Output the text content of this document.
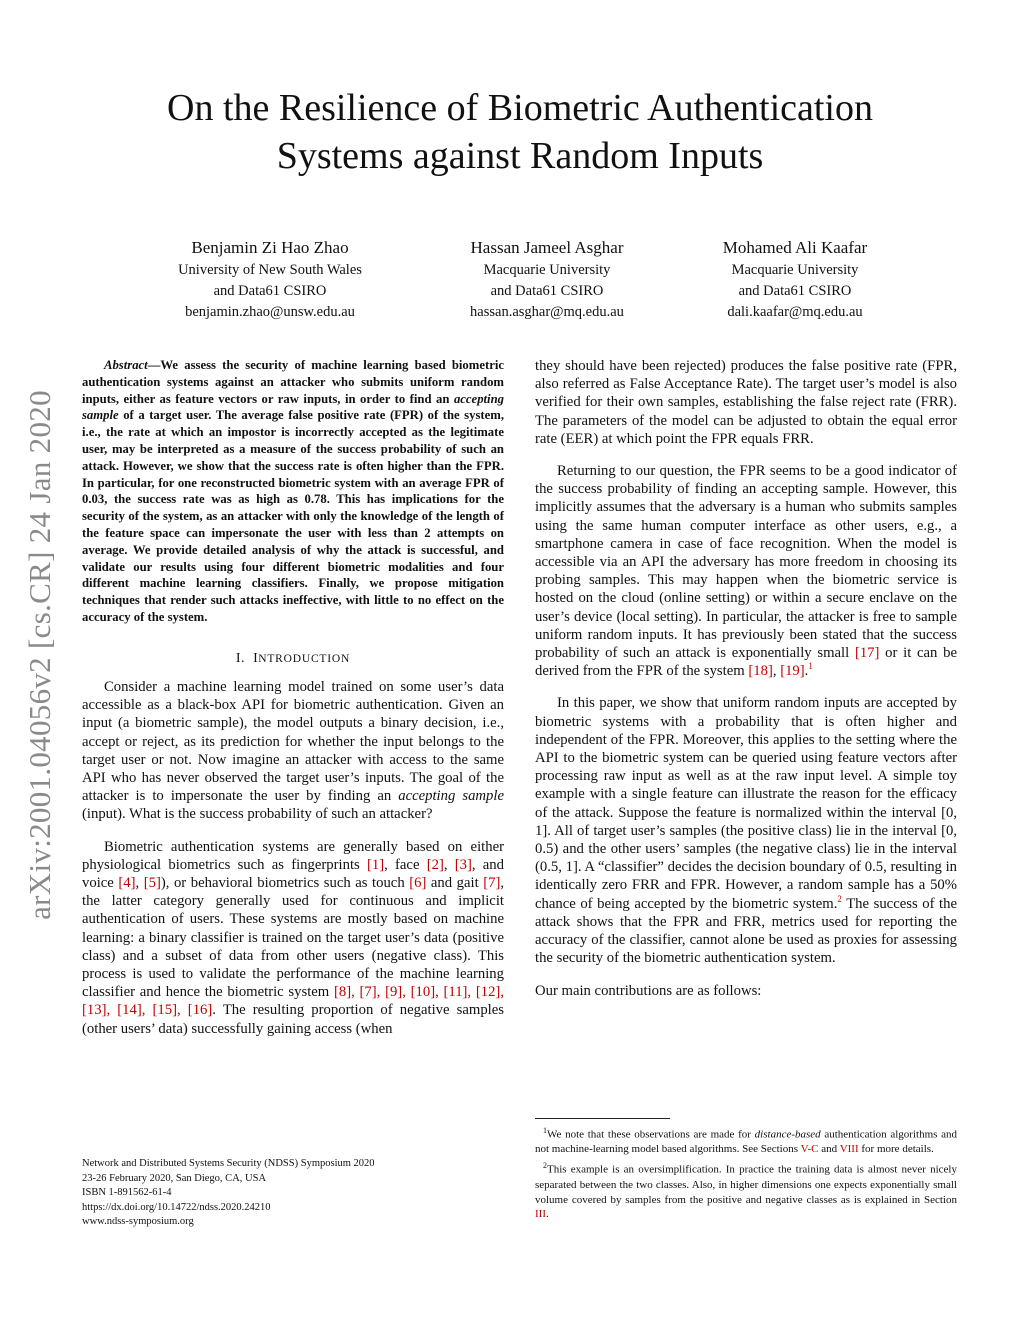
arXiv:2001.04056v2 [cs.CR] 24 Jan 2020
On the Resilience of Biometric Authentication Systems against Random Inputs
Benjamin Zi Hao Zhao
University of New South Wales
and Data61 CSIRO
benjamin.zhao@unsw.edu.au
Hassan Jameel Asghar
Macquarie University
and Data61 CSIRO
hassan.asghar@mq.edu.au
Mohamed Ali Kaafar
Macquarie University
and Data61 CSIRO
dali.kaafar@mq.edu.au

Abstract—We assess the security of machine learning based biometric authentication systems against an attacker who submits uniform random inputs, either as feature vectors or raw inputs, in order to find an accepting sample of a target user. The average false positive rate (FPR) of the system, i.e., the rate at which an impostor is incorrectly accepted as the legitimate user, may be interpreted as a measure of the success probability of such an attack. However, we show that the success rate is often higher than the FPR. In particular, for one reconstructed biometric system with an average FPR of 0.03, the success rate was as high as 0.78. This has implications for the security of the system, as an attacker with only the knowledge of the length of the feature space can impersonate the user with less than 2 attempts on average. We provide detailed analysis of why the attack is successful, and validate our results using four different biometric modalities and four different machine learning classifiers. Finally, we propose mitigation techniques that render such attacks ineffective, with little to no effect on the accuracy of the system.

I. INTRODUCTION

Consider a machine learning model trained on some user’s data accessible as a black-box API for biometric authentication. Given an input (a biometric sample), the model outputs a binary decision, i.e., accept or reject, as its prediction for whether the input belongs to the target user or not. Now imagine an attacker with access to the same API who has never observed the target user’s inputs. The goal of the attacker is to impersonate the user by finding an accepting sample (input). What is the success probability of such an attacker?

Biometric authentication systems are generally based on either physiological biometrics such as fingerprints [1], face [2], [3], and voice [4], [5]), or behavioral biometrics such as touch [6] and gait [7], the latter category generally used for continuous and implicit authentication of users. These systems are mostly based on machine learning: a binary classifier is trained on the target user’s data (positive class) and a subset of data from other users (negative class). This process is used to validate the performance of the machine learning classifier and hence the biometric system [8], [7], [9], [10], [11], [12], [13], [14], [15], [16]. The resulting proportion of negative samples (other users’ data) successfully gaining access (when

they should have been rejected) produces the false positive rate (FPR, also referred as False Acceptance Rate). The target user’s model is also verified for their own samples, establishing the false reject rate (FRR). The parameters of the model can be adjusted to obtain the equal error rate (EER) at which point the FPR equals FRR.

Returning to our question, the FPR seems to be a good indicator of the success probability of finding an accepting sample. However, this implicitly assumes that the adversary is a human who submits samples using the same human computer interface as other users, e.g., a smartphone camera in case of face recognition. When the model is accessible via an API the adversary has more freedom in choosing its probing samples. This may happen when the biometric service is hosted on the cloud (online setting) or within a secure enclave on the user’s device (local setting). In particular, the attacker is free to sample uniform random inputs. It has previously been stated that the success probability of such an attack is exponentially small [17] or it can be derived from the FPR of the system [18], [19].$^1$

In this paper, we show that uniform random inputs are accepted by biometric systems with a probability that is often higher and independent of the FPR. Moreover, this applies to the setting where the API to the biometric system can be queried using feature vectors after processing raw input as well as at the raw input level. A simple toy example with a single feature can illustrate the reason for the efficacy of the attack. Suppose the feature is normalized within the interval [0, 1]. All of target user’s samples (the positive class) lie in the interval [0, 0.5) and the other users’ samples (the negative class) lie in the interval (0.5, 1]. A “classifier” decides the decision boundary of 0.5, resulting in identically zero FRR and FPR. However, a random sample has a 50% chance of being accepted by the biometric system.$^2$ The success of the attack shows that the FPR and FRR, metrics used for reporting the accuracy of the classifier, cannot alone be used as proxies for assessing the security of the biometric authentication system.

Our main contributions are as follows:

Network and Distributed Systems Security (NDSS) Symposium 2020
23-26 February 2020, San Diego, CA, USA
ISBN 1-891562-61-4
https://dx.doi.org/10.14722/ndss.2020.24210
www.ndss-symposium.org

$^1$We note that these observations are made for distance-based authentication algorithms and not machine-learning model based algorithms. See Sections V-C and VIII for more details.

$^2$This example is an oversimplification. In practice the training data is almost never nicely separated between the two classes. Also, in higher dimensions one expects exponentially small volume covered by samples from the positive and negative classes as is explained in Section III.
